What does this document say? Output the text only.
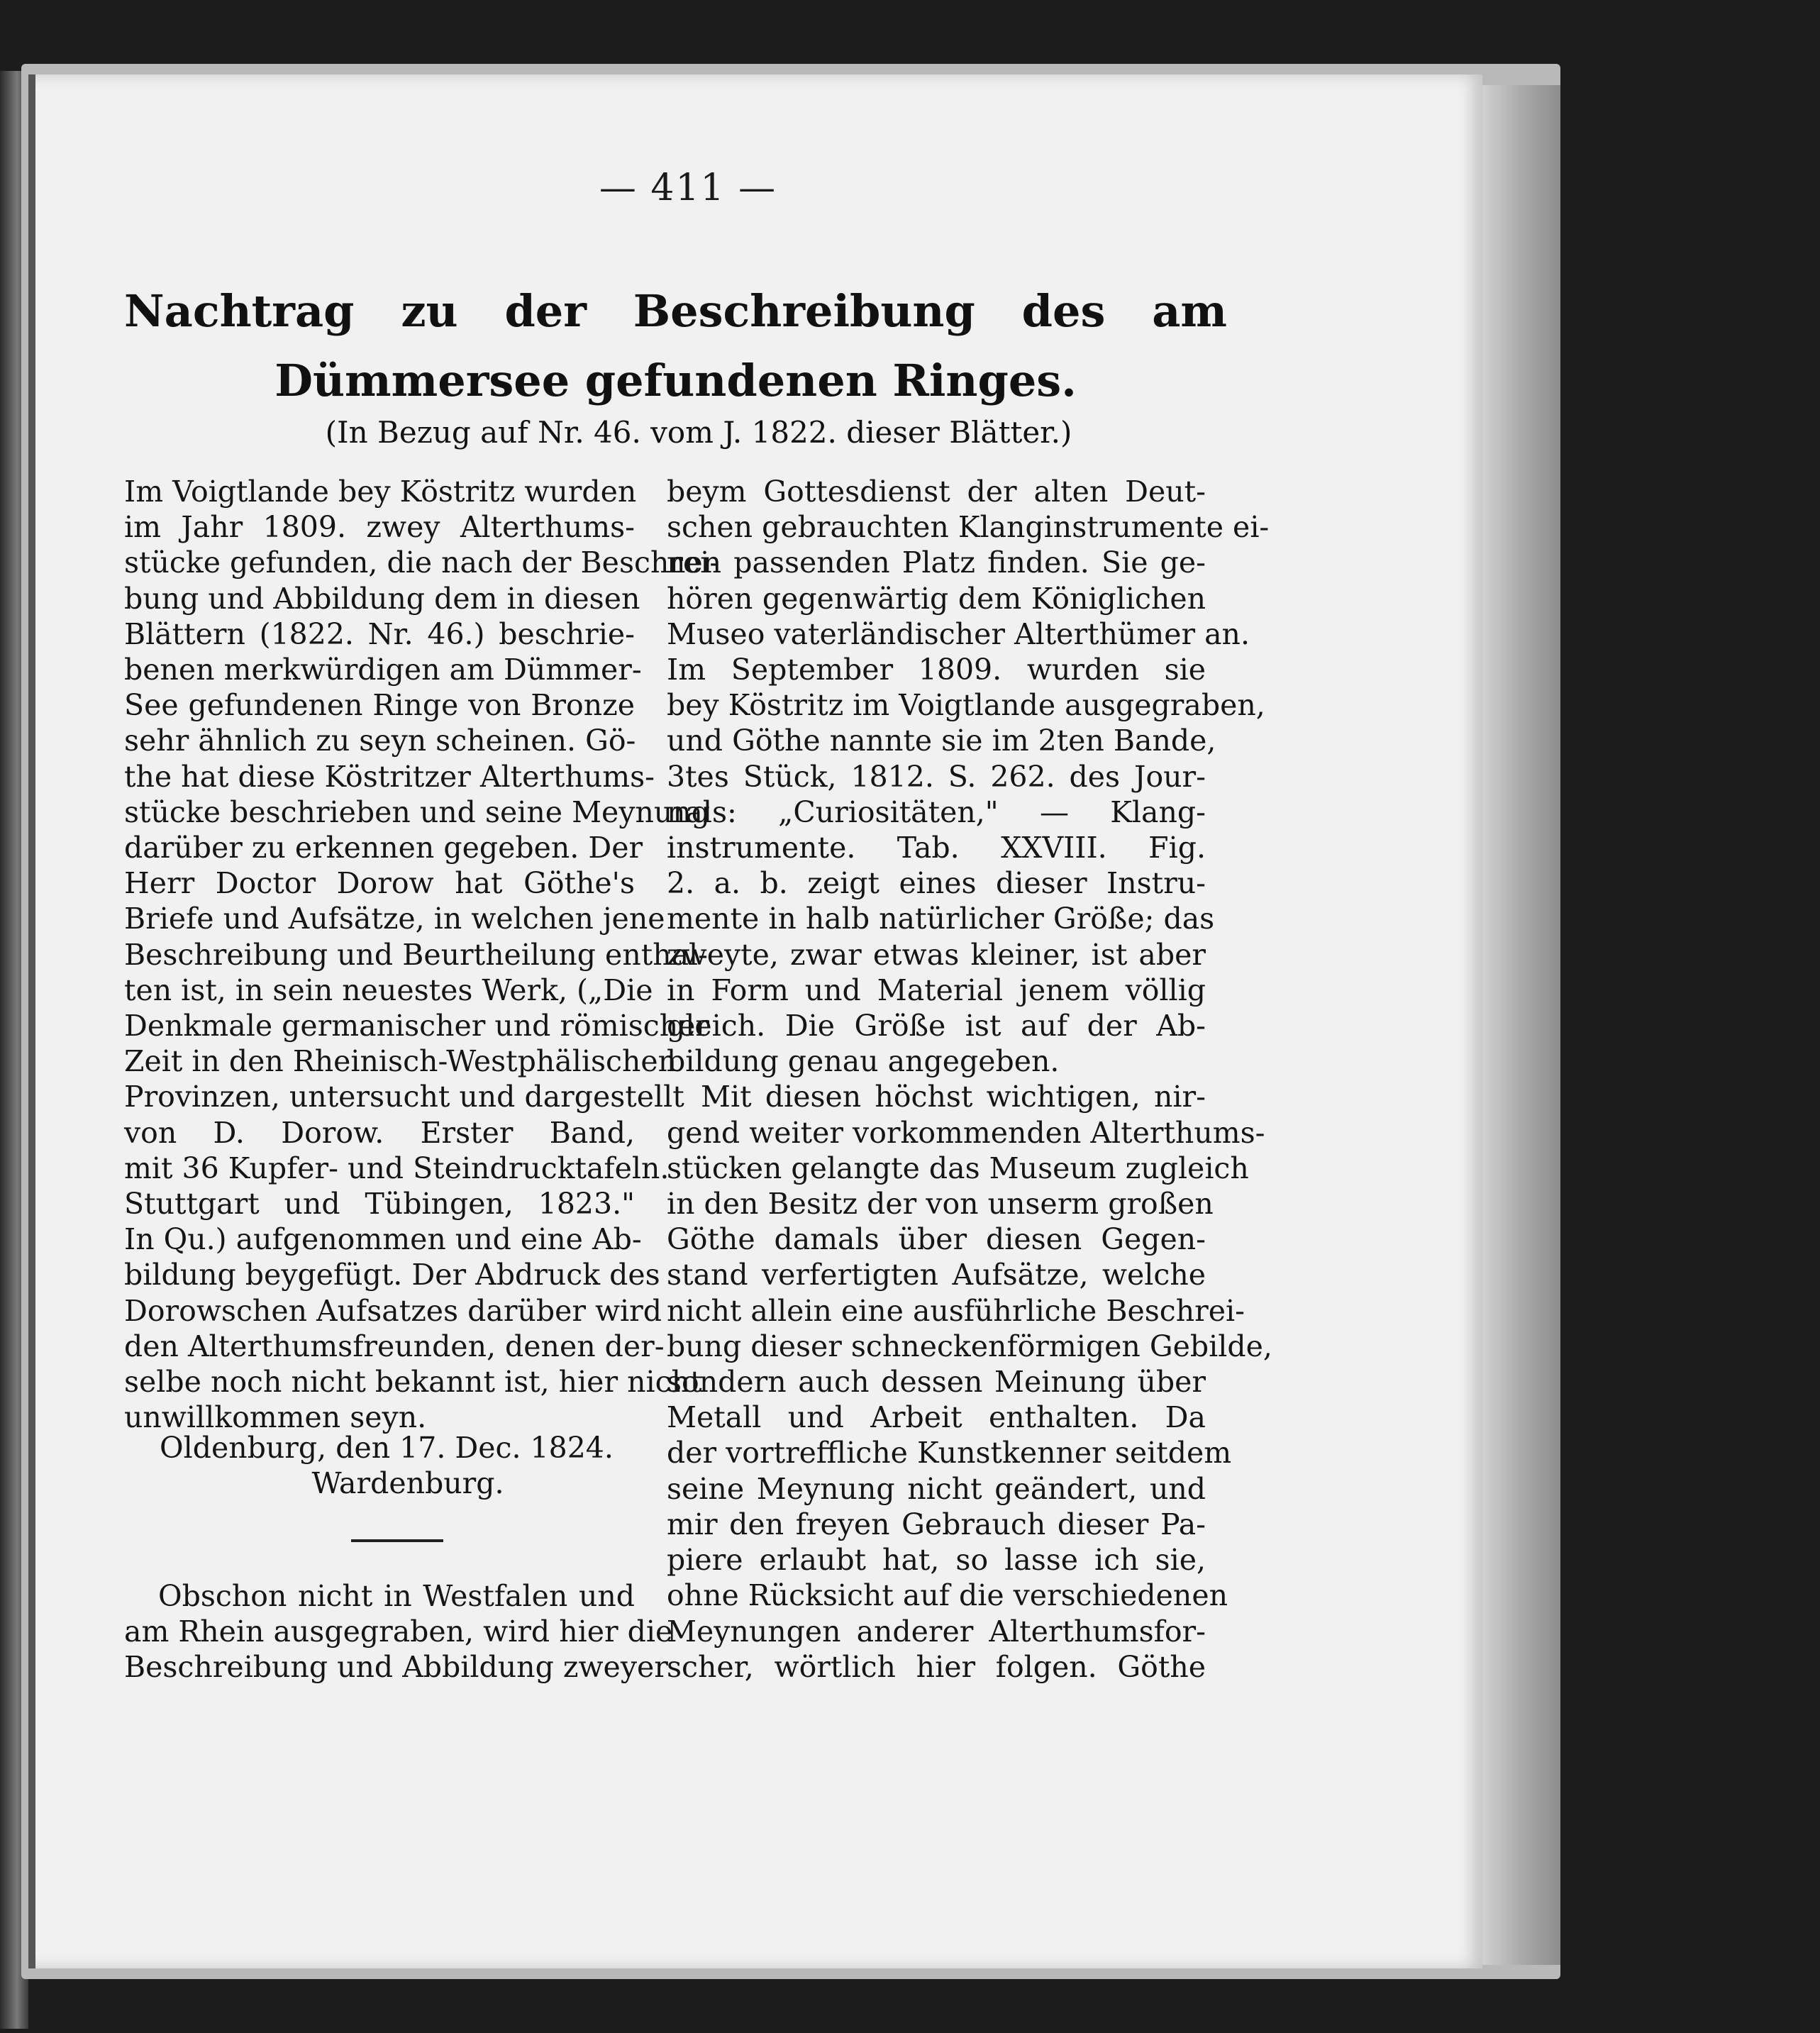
— 411 —
Nachtrag zu der Beschreibung des am Dümmersee gefundenen Ringes.
(In Bezug auf Nr. 46. vom J. 1822. dieser Blätter.)
Im Voigtlande bey Köstritz wurden
im Jahr 1809. zwey Alterthums-
stücke gefunden, die nach der Beschrei-
bung und Abbildung dem in diesen
Blättern (1822. Nr. 46.) beschrie-
benen merkwürdigen am Dümmer-
See gefundenen Ringe von Bronze
sehr ähnlich zu seyn scheinen. Gö-
the hat diese Köstritzer Alterthums-
stücke beschrieben und seine Meynung
darüber zu erkennen gegeben. Der
Herr Doctor Dorow hat Göthe's
Briefe und Aufsätze, in welchen jene
Beschreibung und Beurtheilung enthal-
ten ist, in sein neuestes Werk, („Die
Denkmale germanischer und römischer
Zeit in den Rheinisch-Westphälischen
Provinzen, untersucht und dargestellt
von D. Dorow. Erster Band,
mit 36 Kupfer- und Steindrucktafeln.
Stuttgart und Tübingen, 1823."
In Qu.) aufgenommen und eine Ab-
bildung beygefügt. Der Abdruck des
Dorowschen Aufsatzes darüber wird
den Alterthumsfreunden, denen der-
selbe noch nicht bekannt ist, hier nicht
unwillkommen seyn.
Oldenburg, den 17. Dec. 1824.
Wardenburg.
Obschon nicht in Westfalen und
am Rhein ausgegraben, wird hier die
Beschreibung und Abbildung zweyer
beym Gottesdienst der alten Deut-
schen gebrauchten Klanginstrumente ei-
nen passenden Platz finden. Sie ge-
hören gegenwärtig dem Königlichen
Museo vaterländischer Alterthümer an.
Im September 1809. wurden sie
bey Köstritz im Voigtlande ausgegraben,
und Göthe nannte sie im 2ten Bande,
3tes Stück, 1812. S. 262. des Jour-
nals: „Curiositäten," — Klang-
instrumente. Tab. XXVIII. Fig.
2. a. b. zeigt eines dieser Instru-
mente in halb natürlicher Größe; das
zweyte, zwar etwas kleiner, ist aber
in Form und Material jenem völlig
gleich. Die Größe ist auf der Ab-
bildung genau angegeben.
Mit diesen höchst wichtigen, nir-
gend weiter vorkommenden Alterthums-
stücken gelangte das Museum zugleich
in den Besitz der von unserm großen
Göthe damals über diesen Gegen-
stand verfertigten Aufsätze, welche
nicht allein eine ausführliche Beschrei-
bung dieser schneckenförmigen Gebilde,
sondern auch dessen Meinung über
Metall und Arbeit enthalten. Da
der vortreffliche Kunstkenner seitdem
seine Meynung nicht geändert, und
mir den freyen Gebrauch dieser Pa-
piere erlaubt hat, so lasse ich sie,
ohne Rücksicht auf die verschiedenen
Meynungen anderer Alterthumsfor-
scher, wörtlich hier folgen. Göthe
